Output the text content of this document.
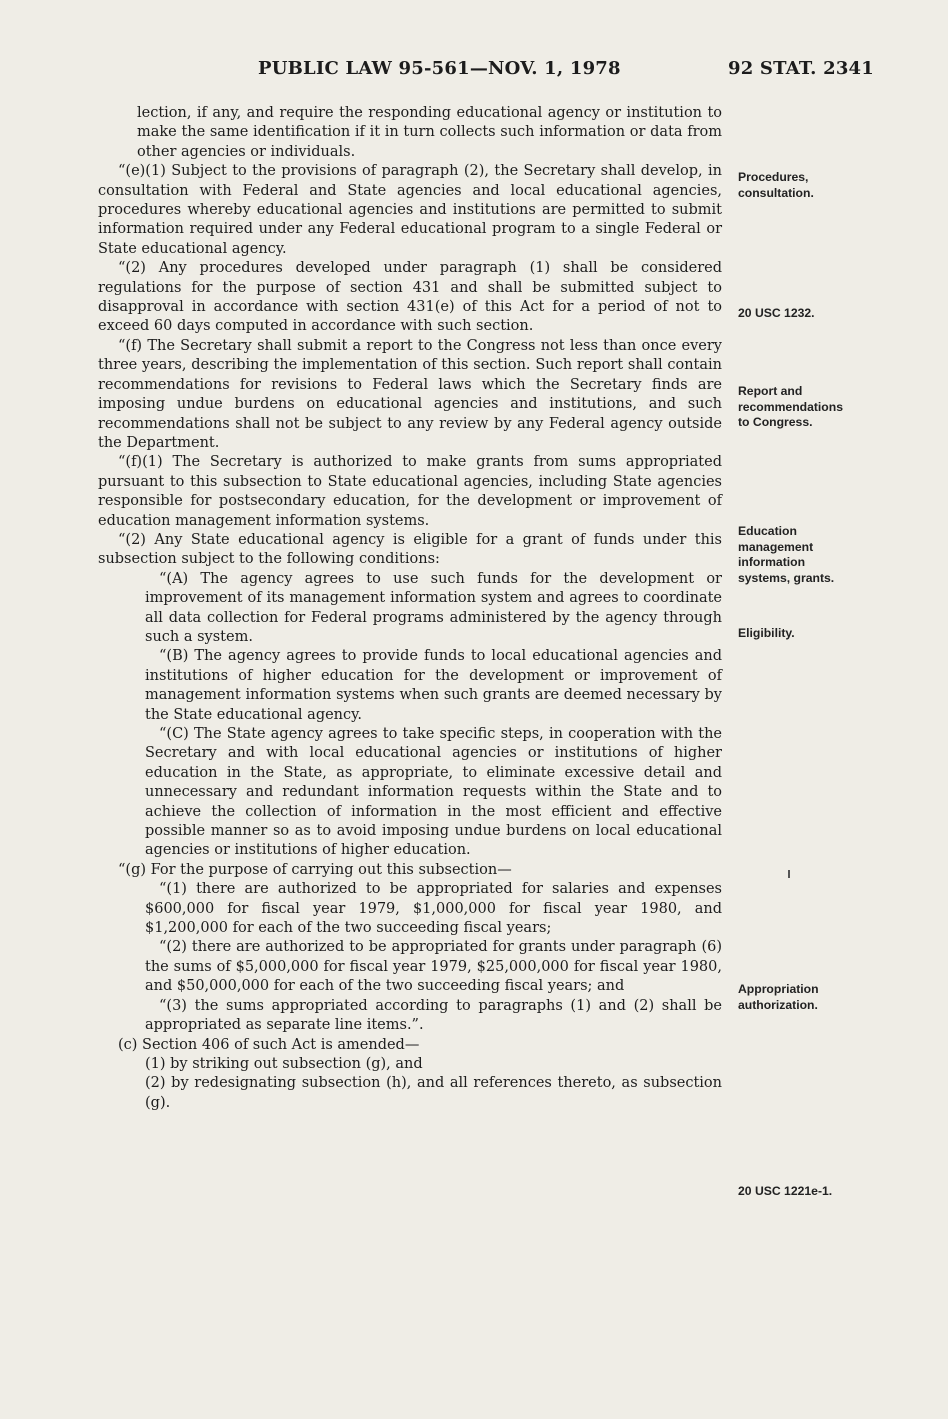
PUBLIC LAW 95-561—NOV. 1, 1978	92 STAT. 2341

lection, if any, and require the responding educational agency or institution to make the same identification if it in turn collects such information or data from other agencies or individuals.

“(e)(1) Subject to the provisions of paragraph (2), the Secretary shall develop, in consultation with Federal and State agencies and local educational agencies, procedures whereby educational agencies and institutions are permitted to submit information required under any Federal educational program to a single Federal or State educational agency.

“(2) Any procedures developed under paragraph (1) shall be considered regulations for the purpose of section 431 and shall be submitted subject to disapproval in accordance with section 431(e) of this Act for a period of not to exceed 60 days computed in accordance with such section.

“(f) The Secretary shall submit a report to the Congress not less than once every three years, describing the implementation of this section. Such report shall contain recommendations for revisions to Federal laws which the Secretary finds are imposing undue burdens on educational agencies and institutions, and such recommendations shall not be subject to any review by any Federal agency outside the Department.

“(f)(1) The Secretary is authorized to make grants from sums appropriated pursuant to this subsection to State educational agencies, including State agencies responsible for postsecondary education, for the development or improvement of education management information systems.

“(2) Any State educational agency is eligible for a grant of funds under this subsection subject to the following conditions:

“(A) The agency agrees to use such funds for the development or improvement of its management information system and agrees to coordinate all data collection for Federal programs administered by the agency through such a system.

“(B) The agency agrees to provide funds to local educational agencies and institutions of higher education for the development or improvement of management information systems when such grants are deemed necessary by the State educational agency.

“(C) The State agency agrees to take specific steps, in cooperation with the Secretary and with local educational agencies or institutions of higher education in the State, as appropriate, to eliminate excessive detail and unnecessary and redundant information requests within the State and to achieve the collection of information in the most efficient and effective possible manner so as to avoid imposing undue burdens on local educational agencies or institutions of higher education.

“(g) For the purpose of carrying out this subsection—

“(1) there are authorized to be appropriated for salaries and expenses $600,000 for fiscal year 1979, $1,000,000 for fiscal year 1980, and $1,200,000 for each of the two succeeding fiscal years;

“(2) there are authorized to be appropriated for grants under paragraph (6) the sums of $5,000,000 for fiscal year 1979, $25,000,000 for fiscal year 1980, and $50,000,000 for each of the two succeeding fiscal years; and

“(3) the sums appropriated according to paragraphs (1) and (2) shall be appropriated as separate line items.”.

(c) Section 406 of such Act is amended—

(1) by striking out subsection (g), and

(2) by redesignating subsection (h), and all references thereto, as subsection (g).

Procedures,
consultation.
20 USC 1232.
Report and
recommendations
to Congress.
Education
management
information
systems, grants.
Eligibility.
Appropriation
authorization.
20 USC 1221e-1.
